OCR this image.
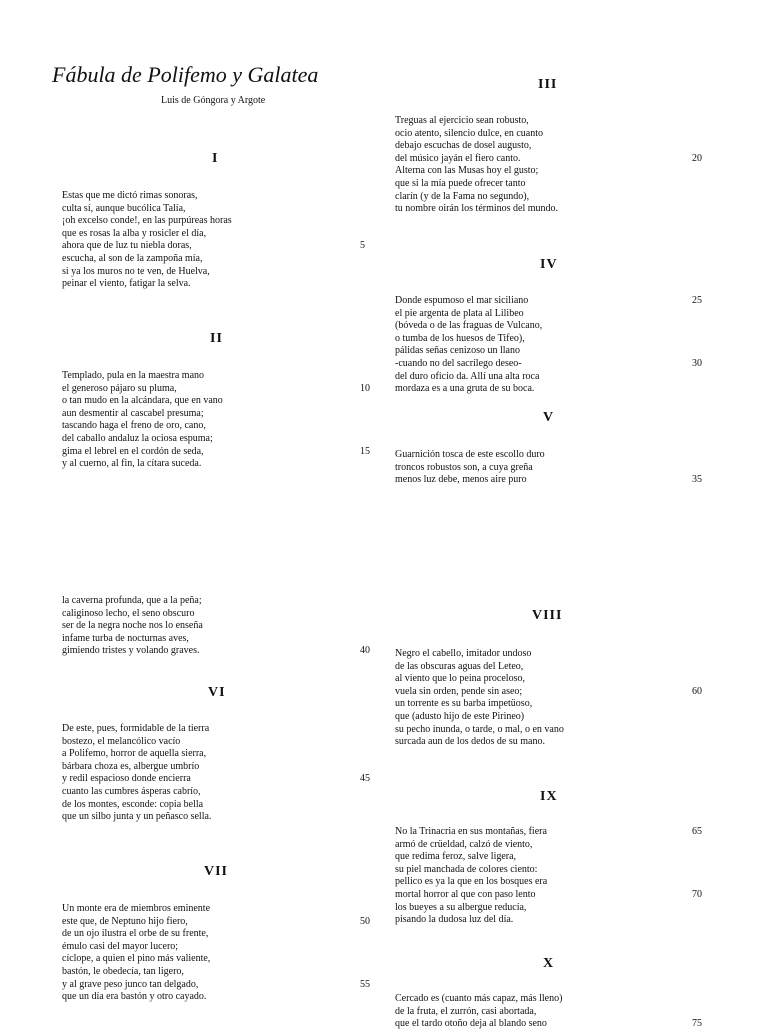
Fábula de Polifemo y Galatea
Luis de Góngora y Argote
I
Estas que me dictó rimas sonoras,
culta sí, aunque bucólica Talía,
¡oh excelso conde!, en las purpúreas horas
que es rosas la alba y rosicler el día,
ahora que de luz tu niebla doras,	5
escucha, al son de la zampoña mía,
si ya los muros no te ven, de Huelva,
peinar el viento, fatigar la selva.
II
Templado, pula en la maestra mano
el generoso pájaro su pluma,	10
o tan mudo en la alcándara, que en vano
aun desmentir al cascabel presuma;
tascando haga el freno de oro, cano,
del caballo andaluz la ociosa espuma;
gima el lebrel en el cordón de seda,	15
y al cuerno, al fin, la cítara suceda.
la caverna profunda, que a la peña;
caliginoso lecho, el seno obscuro
ser de la negra noche nos lo enseña
infame turba de nocturnas aves,
gimiendo tristes y volando graves.	40
VI
De este, pues, formidable de la tierra
bostezo, el melancólico vacío
a Polifemo, horror de aquella sierra,
bárbara choza es, albergue umbrío
y redil espacioso donde encierra	45
cuanto las cumbres ásperas cabrío,
de los montes, esconde: copia bella
que un silbo junta y un peñasco sella.
VII
Un monte era de miembros eminente
este que, de Neptuno hijo fiero,	50
de un ojo ilustra el orbe de su frente,
émulo casi del mayor lucero;
cíclope, a quien el pino más valiente,
bastón, le obedecía, tan ligero,
y al grave peso junco tan delgado,	55
que un día era bastón y otro cayado.
III
Treguas al ejercicio sean robusto,
ocio atento, silencio dulce, en cuanto
debajo escuchas de dosel augusto,
del músico jayán el fiero canto.	20
Alterna con las Musas hoy el gusto;
que si la mía puede ofrecer tanto
clarín (y de la Fama no segundo),
tu nombre oirán los términos del mundo.
IV
Donde espumoso el mar siciliano	25
el pie argenta de plata al Lilibeo
(bóveda o de las fraguas de Vulcano,
o tumba de los huesos de Tifeo),
pálidas señas cenizoso un llano
-cuando no del sacrílego deseo-	30
del duro oficio da. Allí una alta roca
mordaza es a una gruta de su boca.
V
Guarnición tosca de este escollo duro
troncos robustos son, a cuya greña
menos luz debe, menos aire puro	35
VIII
Negro el cabello, imitador undoso
de las obscuras aguas del Leteo,
al viento que lo peina proceloso,
vuela sin orden, pende sin aseo;	60
un torrente es su barba impetüoso,
que (adusto hijo de este Pirineo)
su pecho inunda, o tarde, o mal, o en vano
surcada aun de los dedos de su mano.
IX
No la Trinacria en sus montañas, fiera	65
armó de crüeldad, calzó de viento,
que redima feroz, salve ligera,
su piel manchada de colores ciento:
pellico es ya la que en los bosques era
mortal horror al que con paso lento	70
los bueyes a su albergue reducía,
pisando la dudosa luz del día.
X
Cercado es (cuanto más capaz, más lleno)
de la fruta, el zurrón, casi abortada,
que el tardo otoño deja al blando seno	75
